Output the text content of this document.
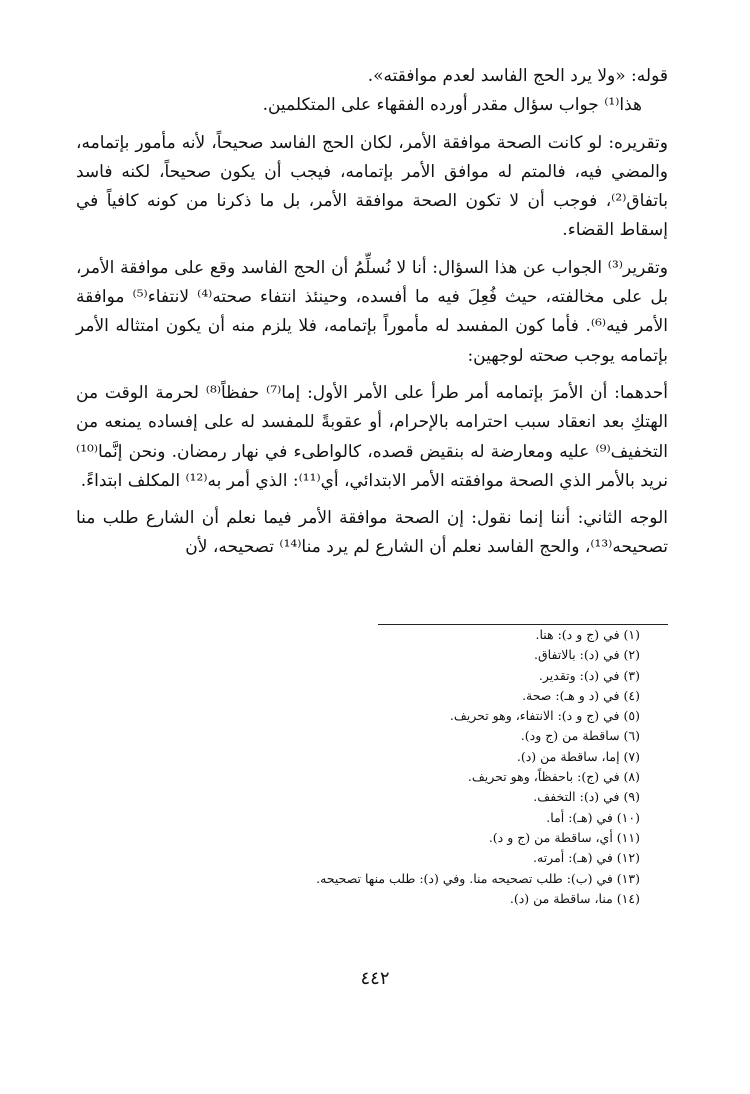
قوله: «ولا يرد الحج الفاسد لعدم موافقته».

هذا⁽¹⁾ جواب سؤال مقدر أورده الفقهاء على المتكلمين.

وتقريره: لو كانت الصحة موافقة الأمر، لكان الحج الفاسد صحيحاً، لأنه مأمور بإتمامه، والمضي فيه، فالمتم له موافق الأمر بإتمامه، فيجب أن يكون صحيحاً، لكنه فاسد باتفاق⁽²⁾، فوجب أن لا تكون الصحة موافقة الأمر، بل ما ذكرنا من كونه كافياً في إسقاط القضاء.

وتقرير⁽³⁾ الجواب عن هذا السؤال: أنا لا نُسلِّمُ أن الحج الفاسد وقع على موافقة الأمر، بل على مخالفته، حيث فُعِلَ فيه ما أفسده، وحينئذ انتفاء صحته⁽⁴⁾ لانتفاء⁽⁵⁾ موافقة الأمر فيه⁽⁶⁾. فأما كون المفسد له مأموراً بإتمامه، فلا يلزم منه أن يكون امتثاله الأمر بإتمامه يوجب صحته لوجهين:

أحدهما: أن الأمرَ بإتمامه أمر طرأ على الأمر الأول: إما⁽⁷⁾ حفظاً⁽⁸⁾ لحرمة الوقت من الهتكِ بعد انعقاد سبب احترامه بالإحرام، أو عقوبةً للمفسد له على إفساده يمنعه من التخفيف⁽⁹⁾ عليه ومعارضة له بنقيض قصده، كالواطىء في نهار رمضان. ونحن إنَّما⁽¹⁰⁾ نريد بالأمر الذي الصحة موافقته الأمر الابتدائي، أي⁽¹¹⁾: الذي أمر به⁽¹²⁾ المكلف ابتداءً.

الوجه الثاني: أننا إنما نقول: إن الصحة موافقة الأمر فيما نعلم أن الشارع طلب منا تصحيحه⁽¹³⁾، والحج الفاسد نعلم أن الشارع لم يرد منا⁽¹⁴⁾ تصحيحه، لأن

(١) في (ج و د): هنا.
(٢) في (د): بالاتفاق.
(٣) في (د): وتقدير.
(٤) في (د و هـ): صحة.
(٥) في (ج و د): الانتفاء، وهو تحريف.
(٦) ساقطة من (ج ود).
(٧) إما، ساقطة من (د).
(٨) في (ج): باحفظاً، وهو تحريف.
(٩) في (د): التخفف.
(١٠) في (هـ): أما.
(١١) أي، ساقطة من (ج و د).
(١٢) في (هـ): أمرته.
(١٣) في (ب): طلب تصحيحه منا. وفي (د): طلب منها تصحيحه.
(١٤) منا، ساقطة من (د).
٤٤٢
